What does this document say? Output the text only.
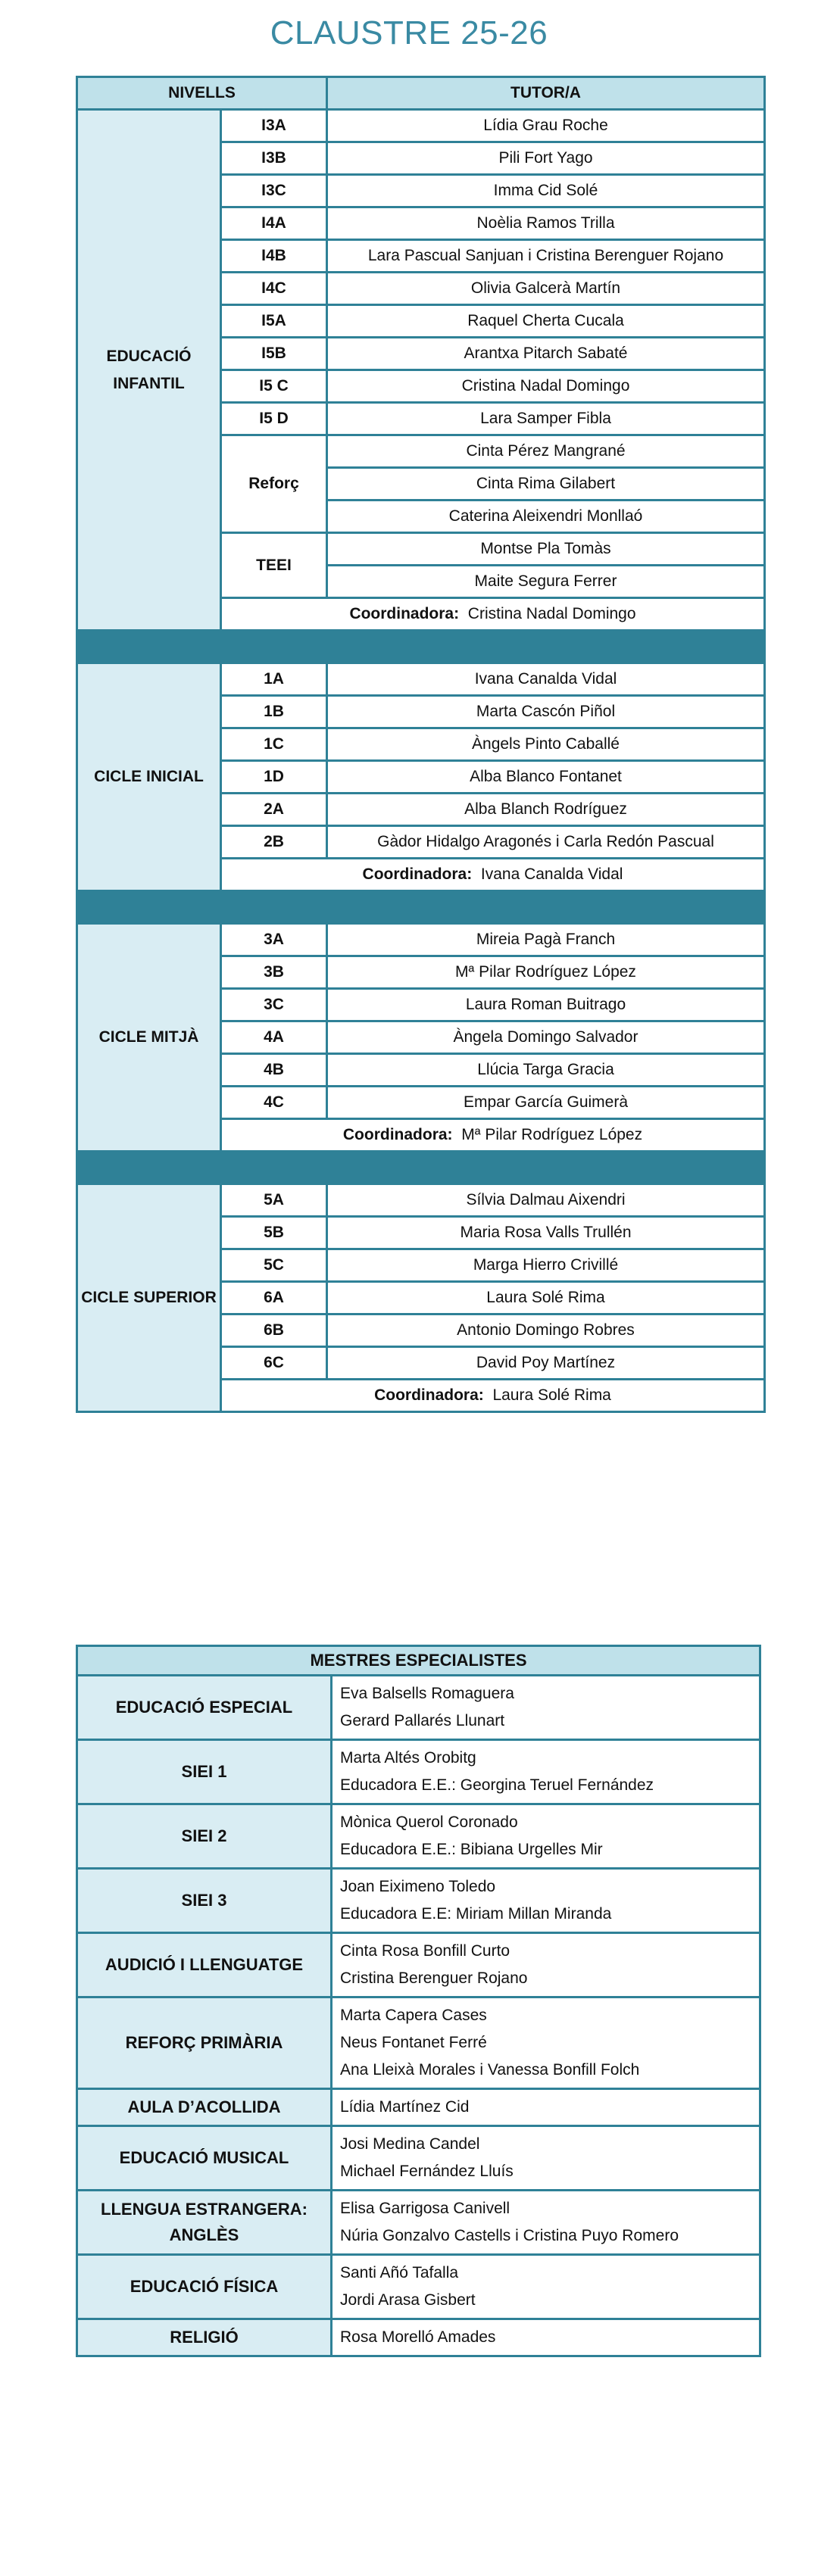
CLAUSTRE 25-26
NIVELLS		TUTOR/A
EDUCACIÓ INFANTIL	I3A	Lídia Grau Roche
	I3B	Pili Fort Yago
	I3C	Imma Cid Solé
	I4A	Noèlia Ramos Trilla
	I4B	Lara Pascual Sanjuan i Cristina Berenguer Rojano
	I4C	Olivia Galcerà Martín
	I5A	Raquel Cherta Cucala
	I5B	Arantxa Pitarch Sabaté
	I5 C	Cristina Nadal Domingo
	I5 D	Lara Samper Fibla
	Reforç	Cinta Pérez Mangrané
		Cinta Rima Gilabert
		Caterina Aleixendri Monllaó
	TEEI	Montse Pla Tomàs
		Maite Segura Ferrer
	Coordinadora: Cristina Nadal Domingo	

CICLE INICIAL	1A	Ivana Canalda Vidal
	1B	Marta Cascón Piñol
	1C	Àngels Pinto Caballé
	1D	Alba Blanco Fontanet
	2A	Alba Blanch Rodríguez
	2B	Gàdor Hidalgo Aragonés i Carla Redón Pascual
	Coordinadora: Ivana Canalda Vidal	

CICLE MITJÀ	3A	Mireia Pagà Franch
	3B	Mª Pilar Rodríguez López
	3C	Laura Roman Buitrago
	4A	Àngela Domingo Salvador
	4B	Llúcia Targa Gracia
	4C	Empar García Guimerà
	Coordinadora: Mª Pilar Rodríguez López	

CICLE SUPERIOR	5A	Sílvia Dalmau Aixendri
	5B	Maria Rosa Valls Trullén
	5C	Marga Hierro Crivillé
	6A	Laura Solé Rima
	6B	Antonio Domingo Robres
	6C	David Poy Martínez
	Coordinadora: Laura Solé Rima	
MESTRES ESPECIALISTES	
EDUCACIÓ ESPECIAL	Eva Balsells Romaguera
Gerard Pallarés Llunart

SIEI 1	Marta Altés Orobitg
Educadora E.E.: Georgina Teruel Fernández

SIEI 2	Mònica Querol Coronado
Educadora E.E.: Bibiana Urgelles Mir

SIEI 3	Joan Eiximeno Toledo
Educadora E.E: Miriam Millan Miranda

AUDICIÓ I LLENGUATGE	Cinta Rosa Bonfill Curto
Cristina Berenguer Rojano

REFORÇ PRIMÀRIA	Marta Capera Cases
Neus Fontanet Ferré
Ana Lleixà Morales i Vanessa Bonfill Folch

AULA D’ACOLLIDA	Lídia Martínez Cid

EDUCACIÓ MUSICAL	Josi Medina Candel
Michael Fernández Lluís

LLENGUA ESTRANGERA: ANGLÈS	Elisa Garrigosa Canivell
Núria Gonzalvo Castells i Cristina Puyo Romero

EDUCACIÓ FÍSICA	Santi Añó Tafalla
Jordi Arasa Gisbert

RELIGIÓ	Rosa Morelló Amades
